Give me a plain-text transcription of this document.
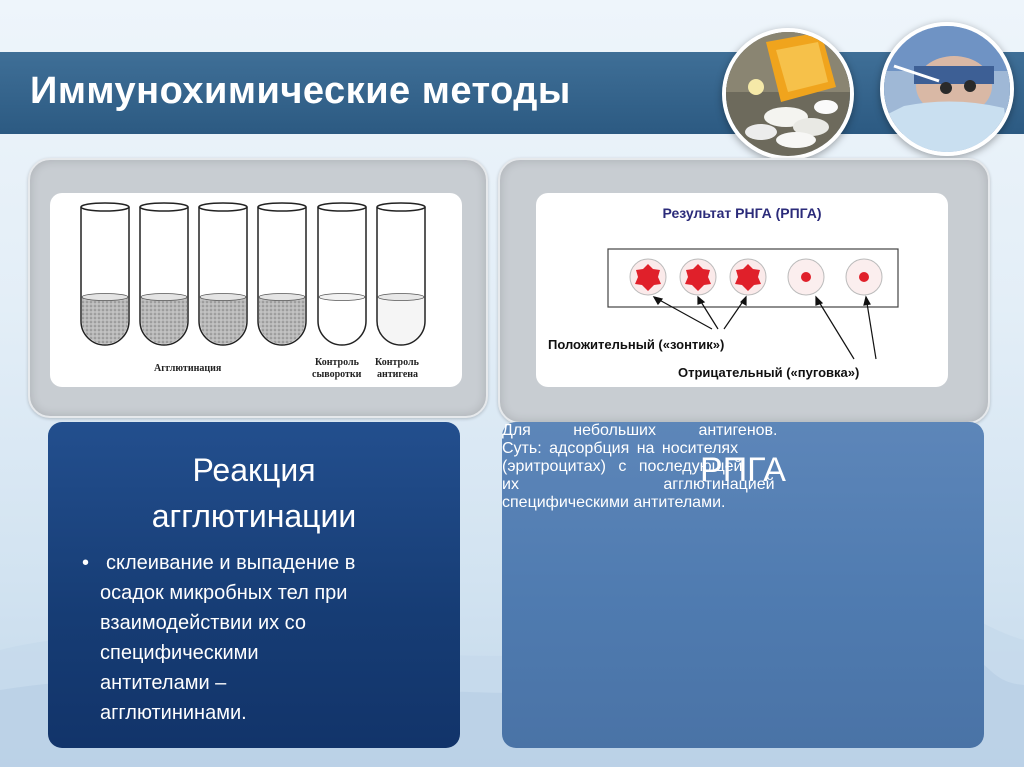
Иммунохимические методы
Агглютинация
Контроль
сыворотки
Контроль
антигена
Результат РНГА (РПГА)
Положительный («зонтик»)
Отрицательный («пуговка»)
Реакция
агглютинации
• склеивание и выпадение в
осадок микробных тел при
взаимодействии их со
специфическими
антителами –
агглютининами.
РПГА
Для небольших антигенов.
Суть: адсорбция на носителях
(эритроцитах) с последующей
их агглютинацией
специфическими антителами.
